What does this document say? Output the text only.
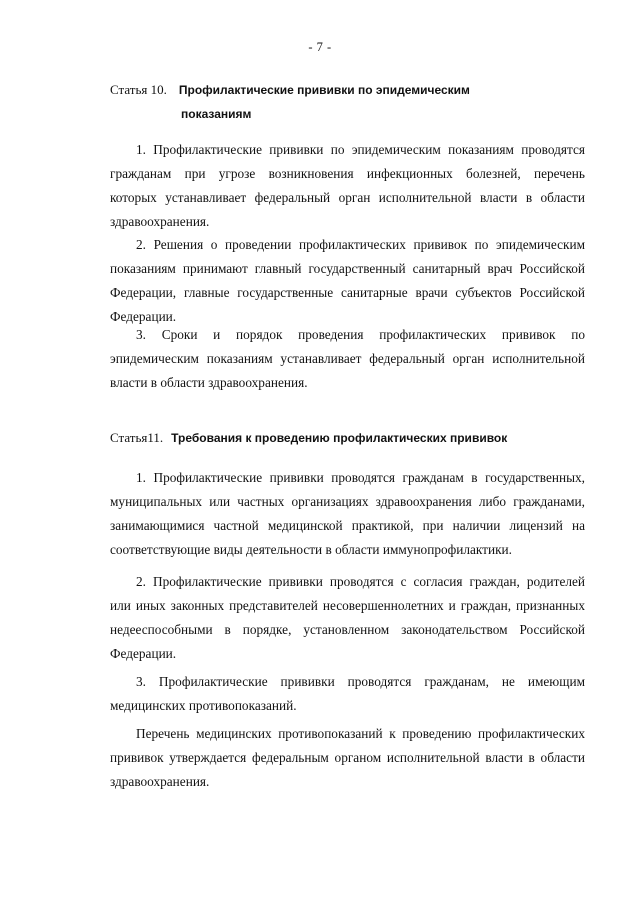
- 7 -
Статья 10. Профилактические прививки по эпидемическим
показаниям
1. Профилактические прививки по эпидемическим показаниям проводятся
гражданам при угрозе возникновения инфекционных болезней, перечень
которых устанавливает федеральный орган исполнительной власти в области
здравоохранения.
2. Решения о проведении профилактических прививок по эпидемическим
показаниям принимают главный государственный санитарный врач Российской
Федерации, главные государственные санитарные врачи субъектов Российской
Федерации.
3. Сроки и порядок проведения профилактических прививок по
эпидемическим показаниям устанавливает федеральный орган исполнительной
власти в области здравоохранения.
Статья11. Требования к проведению профилактических прививок
1. Профилактические прививки проводятся гражданам в государственных,
муниципальных или частных организациях здравоохранения либо гражданами,
занимающимися частной медицинской практикой, при наличии лицензий на
соответствующие виды деятельности в области иммунопрофилактики.
2. Профилактические прививки проводятся с согласия граждан, родителей
или иных законных представителей несовершеннолетних и граждан, признанных
недееспособными в порядке, установленном законодательством Российской
Федерации.
3. Профилактические прививки проводятся гражданам, не имеющим
медицинских противопоказаний.
Перечень медицинских противопоказаний к проведению профилактических
прививок утверждается федеральным органом исполнительной власти в области
здравоохранения.
